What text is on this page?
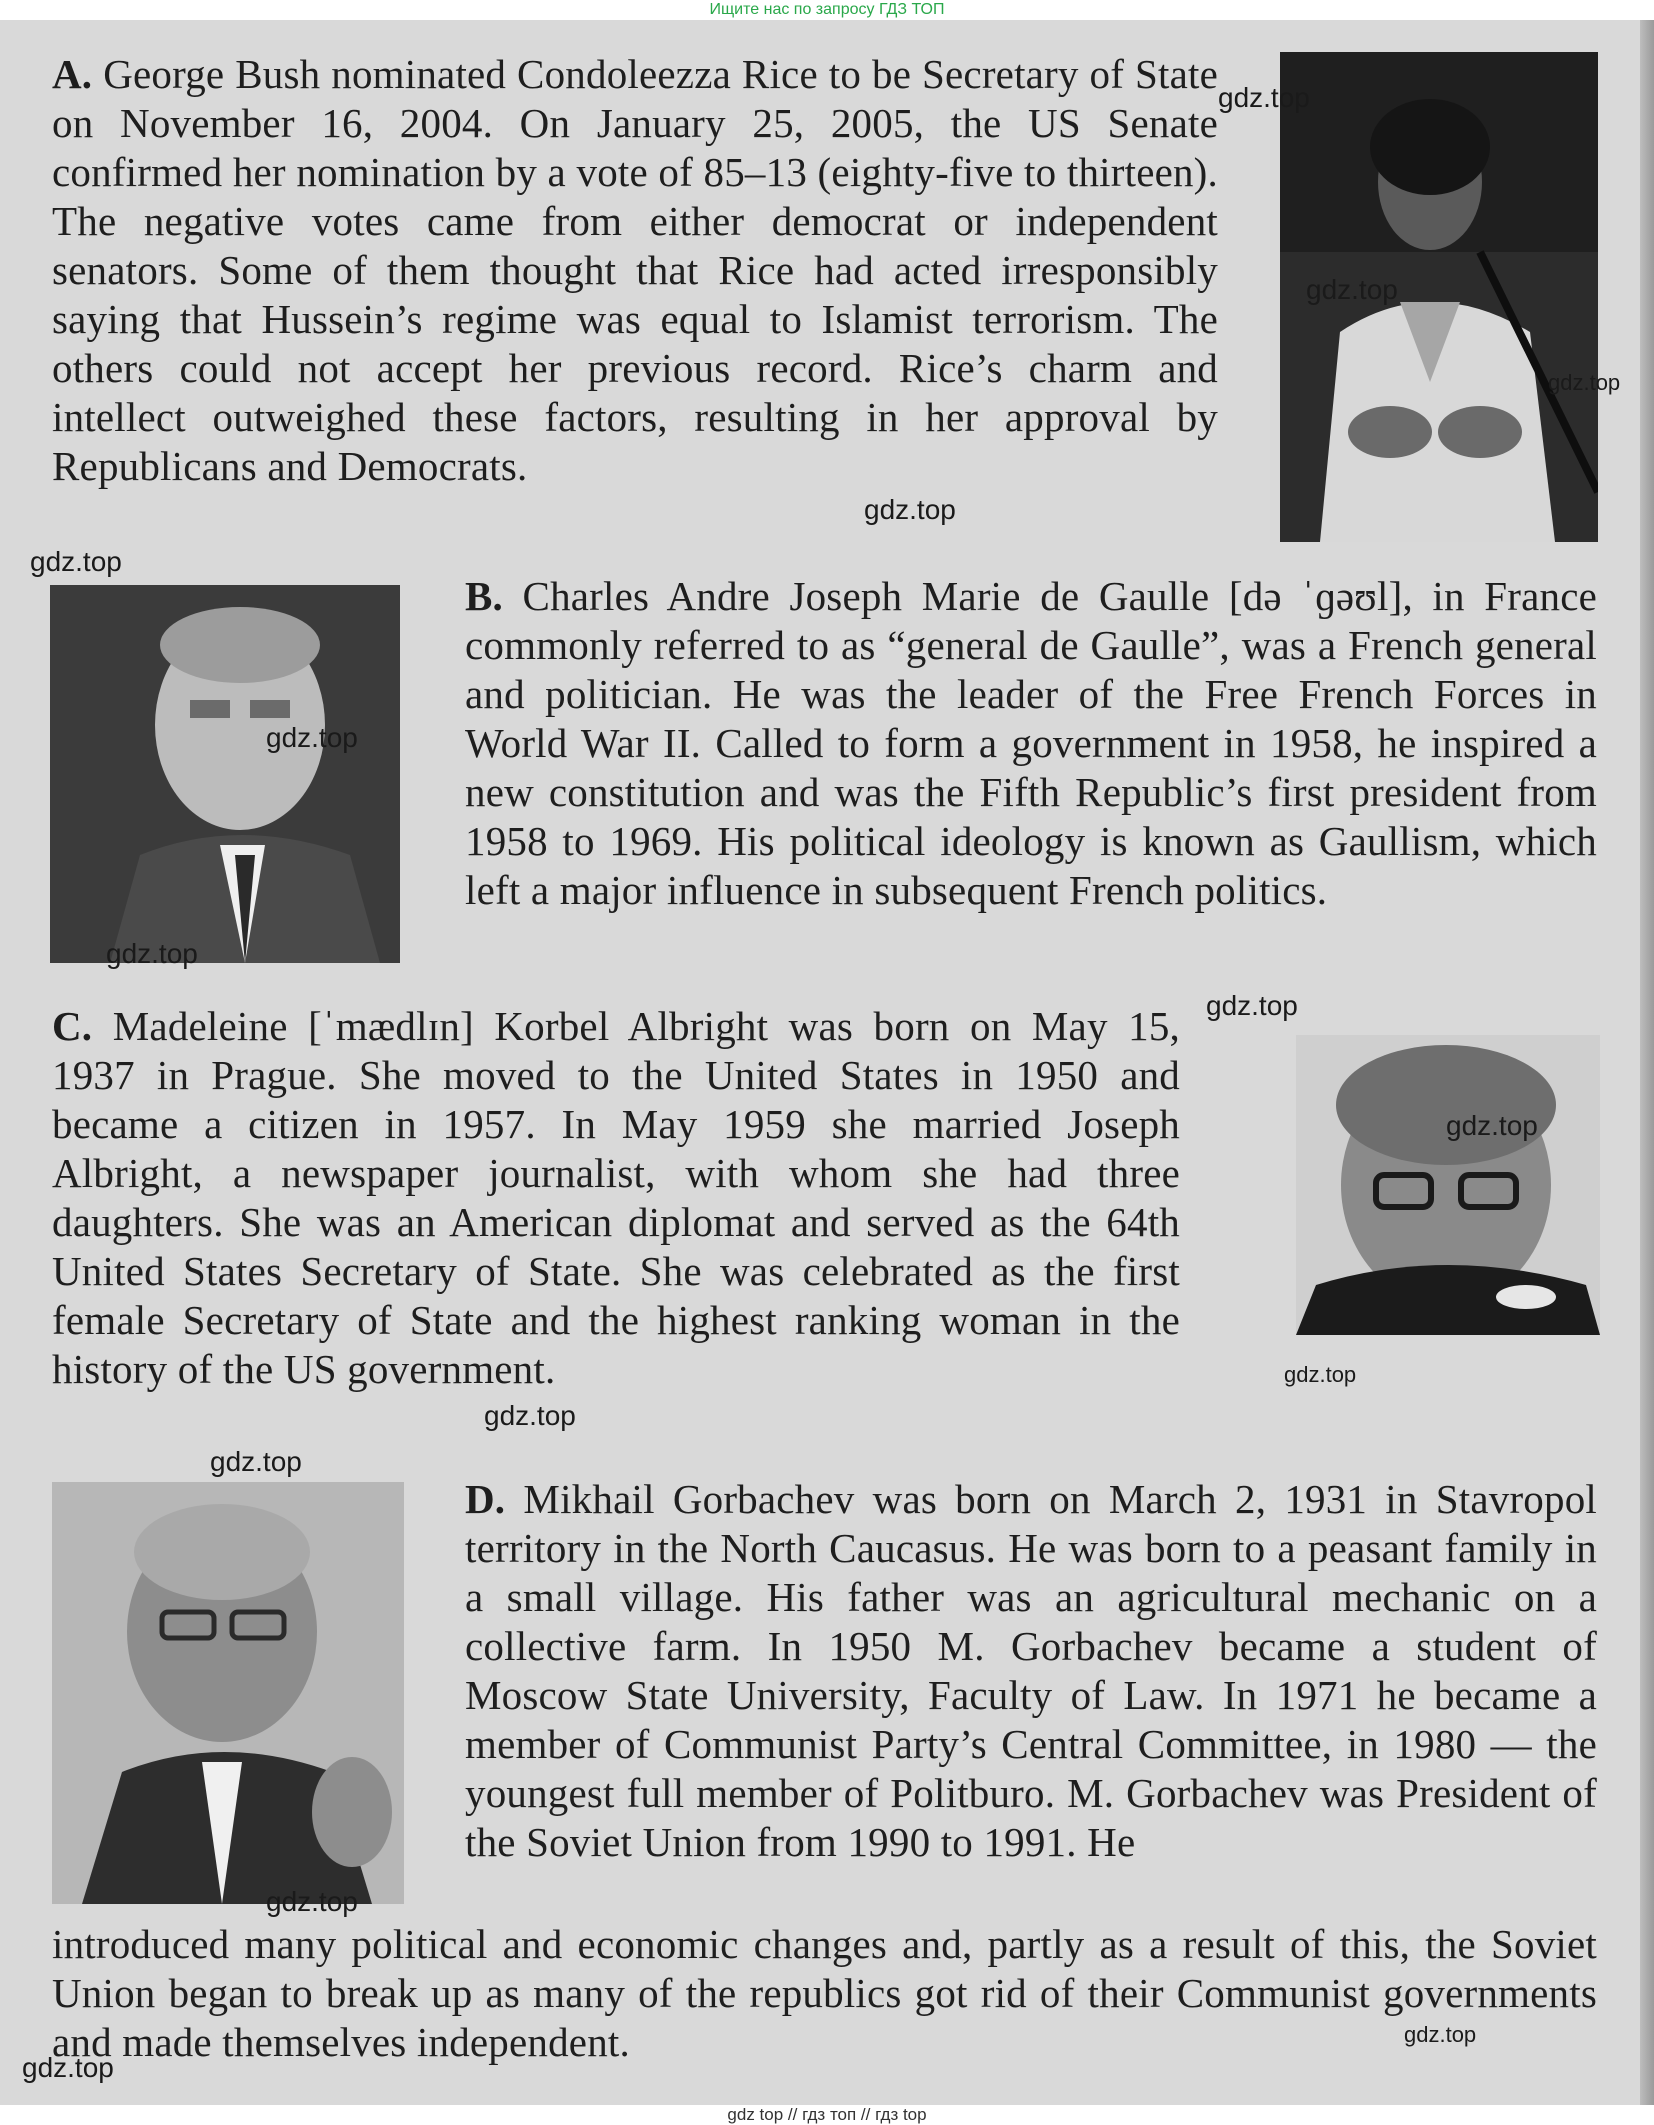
Ищите нас по запросу ГДЗ ТОП

A. George Bush nominated Condoleezza Rice to be Secretary of State on November 16, 2004. On January 25, 2005, the US Senate confirmed her nomination by a vote of 85–13 (eighty-five to thirteen). The negative votes came from either democrat or independent senators. Some of them thought that Rice had acted irresponsibly saying that Hussein’s regime was equal to Islamist terrorism. The others could not accept her previous record. Rice’s charm and intellect outweighed these factors, resulting in her approval by Republicans and Democrats.

B. Charles Andre Joseph Marie de Gaulle [də ˈɡəʊl], in France commonly referred to as “general de Gaulle”, was a French general and politician. He was the leader of the Free French Forces in World War II. Called to form a government in 1958, he inspired a new constitution and was the Fifth Republic’s first president from 1958 to 1969. His political ideology is known as Gaullism, which left a major influence in subsequent French politics.

C. Madeleine [ˈmædlɪn] Korbel Albright was born on May 15, 1937 in Prague. She moved to the United States in 1950 and became a citizen in 1957. In May 1959 she married Joseph Albright, a newspaper journalist, with whom she had three daughters. She was an American diplomat and served as the 64th United States Secretary of State. She was celebrated as the first female Secretary of State and the highest ranking woman in the history of the US government.

D. Mikhail Gorbachev was born on March 2, 1931 in Stavropol territory in the North Caucasus. He was born to a peasant family in a small village. His father was an agricultural mechanic on a collective farm. In 1950 M. Gorbachev became a student of Moscow State University, Faculty of Law. In 1971 he became a member of Communist Party’s Central Committee, in 1980 — the youngest full member of Politburo. M. Gorbachev was President of the Soviet Union from 1990 to 1991. He

introduced many political and economic changes and, partly as a result of this, the Soviet Union began to break up as many of the republics got rid of their Communist governments and made themselves independent.

gdz.top
gdz.top
gdz.top
gdz.top
gdz.top
gdz.top
gdz.top
gdz.top
gdz.top
gdz.top
gdz.top
gdz.top
gdz.top
gdz.top
gdz.top
gdz top // гдз топ // гдз top
